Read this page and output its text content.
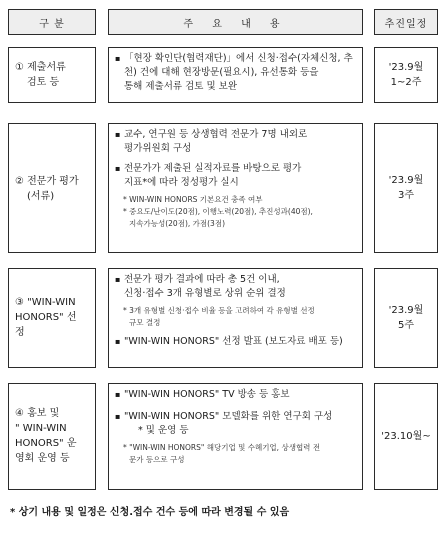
구 분	주 요 내 용	추진일정
① 제출서류
검토 등
▪ 「현장 확인단(협력재단)」에서 신청·접수(자체신청, 추
천) 건에 대해 현장방문(필요시), 유선통화 등을
통해 제출서류 검토 및 보완
'23.9월
1~2주
② 전문가 평가
(서류)
▪ 교수, 연구원 등 상생협력 전문가 7명 내외로
평가위원회 구성
▪ 전문가가 제출된 실적자료를 바탕으로 평가
지표*에 따라 정성평가 실시
* WIN-WIN HONORS 기본요건 충족 여부
* 중요도/난이도(20점), 이행노력(20점), 추진성과(40점),
지속가능성(20점), 가점(3점)
'23.9월
3주
③ "WIN-WIN
HONORS" 선
정
▪ 전문가 평가 결과에 따라 총 5건 이내,
신청·접수 3개 유형별로 상위 순위 결정
* 3개 유형별 신청·접수 비율 등을 고려하여 각 유형별 선정
규모 결정
▪ "WIN-WIN HONORS" 선정 발표 (보도자료 배포 등)
'23.9월
5주
④ 홍보 및
" WIN-WIN
HONORS" 운
영회 운영 등
▪ "WIN-WIN HONORS" TV 방송 등 홍보
▪ "WIN-WIN HONORS" 모델화를 위한 연구회 구성
* 및 운영 등
* "WIN-WIN HONORS" 해당기업 및 수혜기업, 상생협력 전
문가 등으로 구성
'23.10월~
* 상기 내용 및 일정은 신청.접수 건수 등에 따라 변경될 수 있음
